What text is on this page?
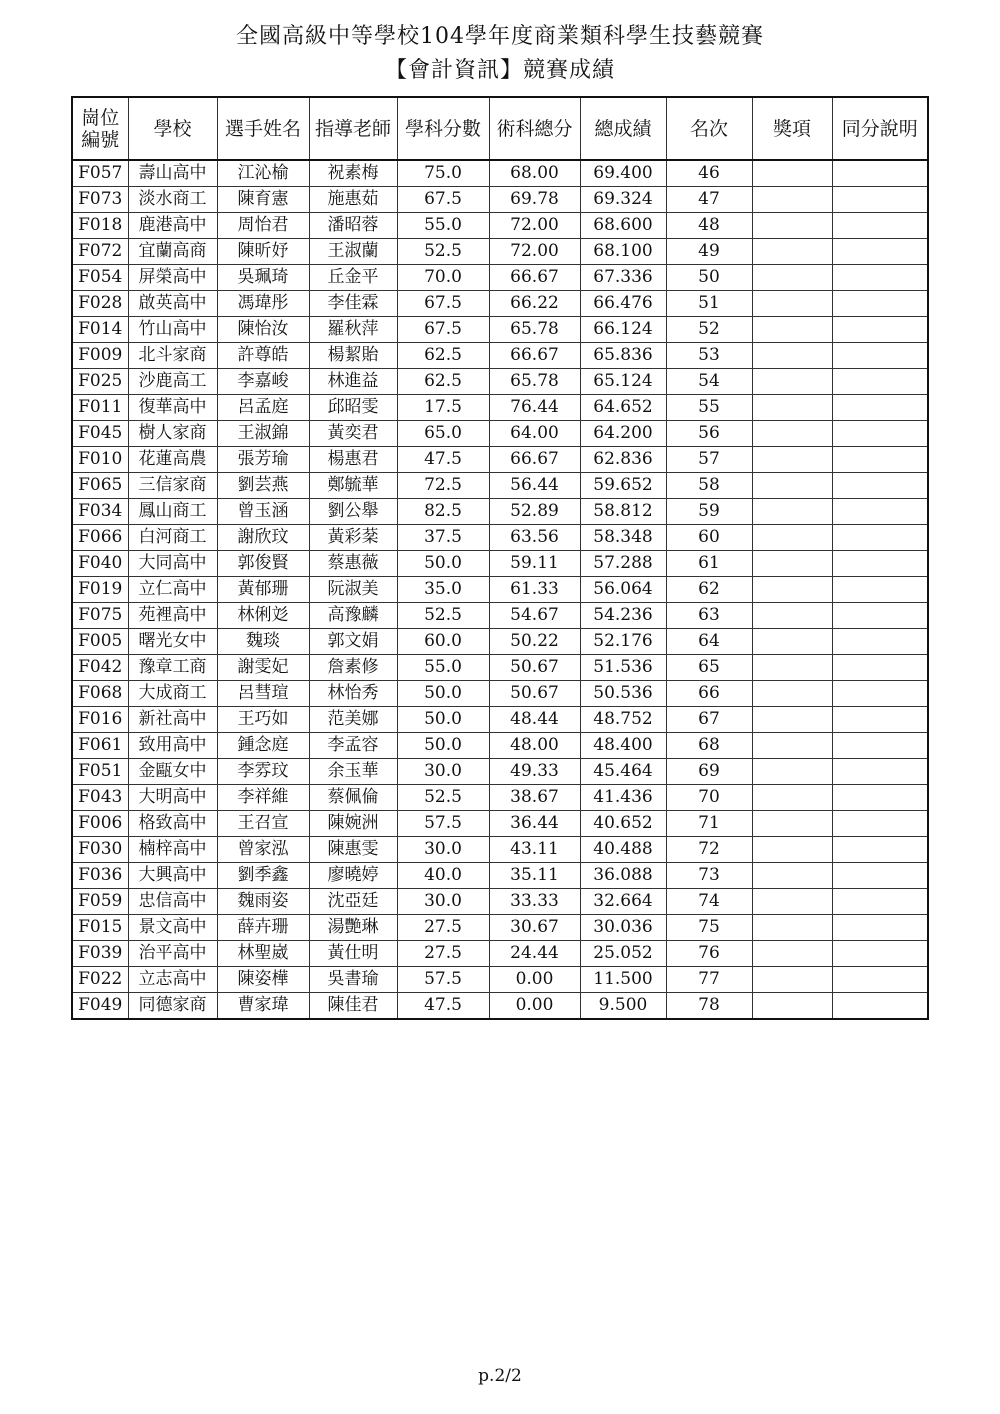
全國高級中等學校104學年度商業類科學生技藝競賽
【會計資訊】競賽成績
崗位編號	學校	選手姓名	指導老師	學科分數	術科總分	總成績	名次	獎項	同分說明
F057	壽山高中	江沁榆	祝素梅	75.0	68.00	69.400	46		
F073	淡水商工	陳育憲	施惠茹	67.5	69.78	69.324	47		
F018	鹿港高中	周怡君	潘昭蓉	55.0	72.00	68.600	48		
F072	宜蘭高商	陳昕妤	王淑蘭	52.5	72.00	68.100	49		
F054	屏榮高中	吳珮琦	丘金平	70.0	66.67	67.336	50		
F028	啟英高中	馮瑋彤	李佳霖	67.5	66.22	66.476	51		
F014	竹山高中	陳怡汝	羅秋萍	67.5	65.78	66.124	52		
F009	北斗家商	許尊皓	楊絜貽	62.5	66.67	65.836	53		
F025	沙鹿高工	李嘉峻	林進益	62.5	65.78	65.124	54		
F011	復華高中	呂孟庭	邱昭雯	17.5	76.44	64.652	55		
F045	樹人家商	王淑錦	黃奕君	65.0	64.00	64.200	56		
F010	花蓮高農	張芳瑜	楊惠君	47.5	66.67	62.836	57		
F065	三信家商	劉芸燕	鄭毓華	72.5	56.44	59.652	58		
F034	鳳山商工	曾玉涵	劉公舉	82.5	52.89	58.812	59		
F066	白河商工	謝欣玟	黃彩棻	37.5	63.56	58.348	60		
F040	大同高中	郭俊賢	蔡惠薇	50.0	59.11	57.288	61		
F019	立仁高中	黃郁珊	阮淑美	35.0	61.33	56.064	62		
F075	苑裡高中	林俐彣	高豫麟	52.5	54.67	54.236	63		
F005	曙光女中	魏琰	郭文娟	60.0	50.22	52.176	64		
F042	豫章工商	謝雯妃	詹素修	55.0	50.67	51.536	65		
F068	大成商工	呂彗瑄	林怡秀	50.0	50.67	50.536	66		
F016	新社高中	王巧如	范美娜	50.0	48.44	48.752	67		
F061	致用高中	鍾念庭	李孟容	50.0	48.00	48.400	68		
F051	金甌女中	李雰玟	余玉華	30.0	49.33	45.464	69		
F043	大明高中	李祥維	蔡佩倫	52.5	38.67	41.436	70		
F006	格致高中	王召宣	陳婉洲	57.5	36.44	40.652	71		
F030	楠梓高中	曾家泓	陳惠雯	30.0	43.11	40.488	72		
F036	大興高中	劉季鑫	廖曉婷	40.0	35.11	36.088	73		
F059	忠信高中	魏雨姿	沈亞廷	30.0	33.33	32.664	74		
F015	景文高中	薛卉珊	湯艷琳	27.5	30.67	30.036	75		
F039	治平高中	林聖崴	黃仕明	27.5	24.44	25.052	76		
F022	立志高中	陳姿樺	吳書瑜	57.5	0.00	11.500	77		
F049	同德家商	曹家瑋	陳佳君	47.5	0.00	9.500	78		
p.2/2
